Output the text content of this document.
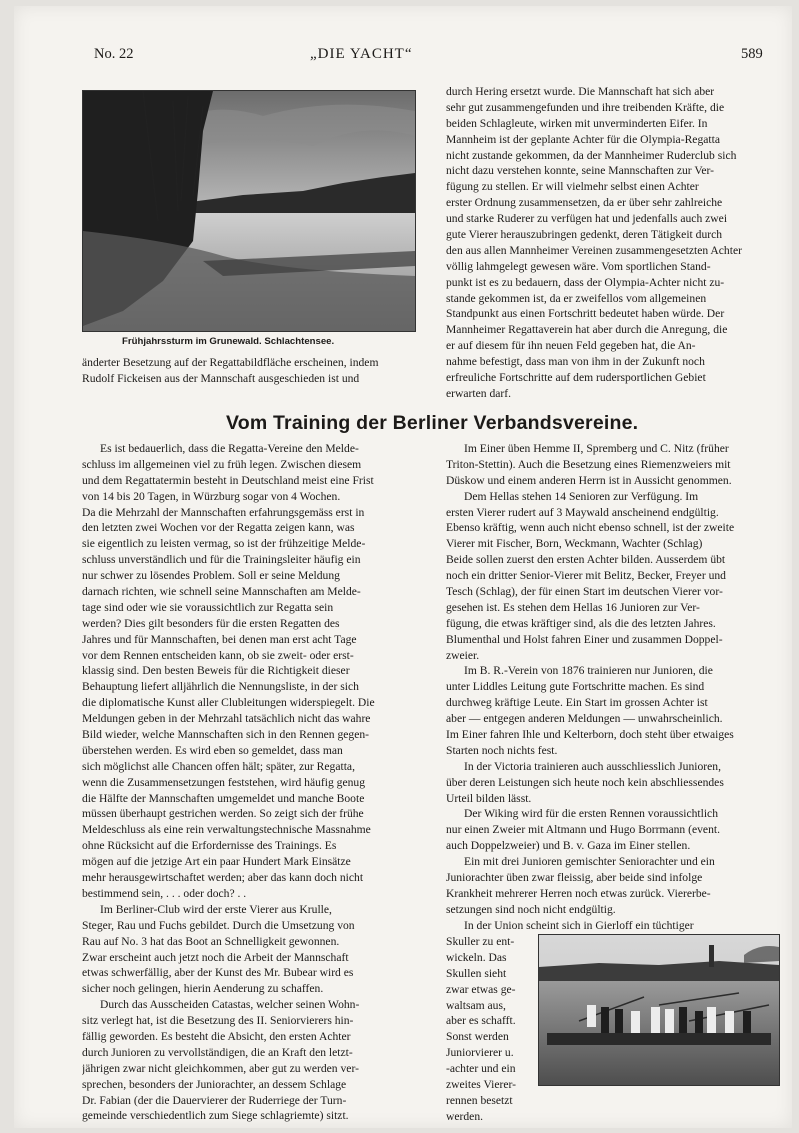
No. 22	„DIE YACHT“	589
Frühjahrssturm im Grunewald. Schlachtensee.
änderter Besetzung auf der Regattabildfläche erscheinen, indem
Rudolf Fickeisen aus der Mannschaft ausgeschieden ist und
durch Hering ersetzt wurde. Die Mannschaft hat sich aber
sehr gut zusammengefunden und ihre treibenden Kräfte, die
beiden Schlagleute, wirken mit unverminderten Eifer. In
Mannheim ist der geplante Achter für die Olympia-Regatta
nicht zustande gekommen, da der Mannheimer Ruderclub sich
nicht dazu verstehen konnte, seine Mannschaften zur Ver-
fügung zu stellen. Er will vielmehr selbst einen Achter
erster Ordnung zusammensetzen, da er über sehr zahlreiche
und starke Ruderer zu verfügen hat und jedenfalls auch zwei
gute Vierer herauszubringen gedenkt, deren Tätigkeit durch
den aus allen Mannheimer Vereinen zusammengesetzten Achter
völlig lahmgelegt gewesen wäre. Vom sportlichen Stand-
punkt ist es zu bedauern, dass der Olympia-Achter nicht zu-
stande gekommen ist, da er zweifellos vom allgemeinen
Standpunkt aus einen Fortschritt bedeutet haben würde. Der
Mannheimer Regattaverein hat aber durch die Anregung, die
er auf diesem für ihn neuen Feld gegeben hat, die An-
nahme befestigt, dass man von ihm in der Zukunft noch
erfreuliche Fortschritte auf dem rudersportlichen Gebiet
erwarten darf.
Vom Training der Berliner Verbandsvereine.
Es ist bedauerlich, dass die Regatta-Vereine den Melde-
schluss im allgemeinen viel zu früh legen. Zwischen diesem
und dem Regattatermin besteht in Deutschland meist eine Frist
von 14 bis 20 Tagen, in Würzburg sogar von 4 Wochen.
Da die Mehrzahl der Mannschaften erfahrungsgemäss erst in
den letzten zwei Wochen vor der Regatta zeigen kann, was
sie eigentlich zu leisten vermag, so ist der frühzeitige Melde-
schluss unverständlich und für die Trainingsleiter häufig ein
nur schwer zu lösendes Problem. Soll er seine Meldung
darnach richten, wie schnell seine Mannschaften am Melde-
tage sind oder wie sie voraussichtlich zur Regatta sein
werden? Dies gilt besonders für die ersten Regatten des
Jahres und für Mannschaften, bei denen man erst acht Tage
vor dem Rennen entscheiden kann, ob sie zweit- oder erst-
klassig sind. Den besten Beweis für die Richtigkeit dieser
Behauptung liefert alljährlich die Nennungsliste, in der sich
die diplomatische Kunst aller Clubleitungen widerspiegelt. Die
Meldungen geben in der Mehrzahl tatsächlich nicht das wahre
Bild wieder, welche Mannschaften sich in den Rennen gegen-
überstehen werden. Es wird eben so gemeldet, dass man
sich möglichst alle Chancen offen hält; später, zur Regatta,
wenn die Zusammensetzungen feststehen, wird häufig genug
die Hälfte der Mannschaften umgemeldet und manche Boote
müssen überhaupt gestrichen werden. So zeigt sich der frühe
Meldeschluss als eine rein verwaltungstechnische Massnahme
ohne Rücksicht auf die Erfordernisse des Trainings. Es
mögen auf die jetzige Art ein paar Hundert Mark Einsätze
mehr herausgewirtschaftet werden; aber das kann doch nicht
bestimmend sein, . . . oder doch? . .
Im Berliner-Club wird der erste Vierer aus Krulle,
Steger, Rau und Fuchs gebildet. Durch die Umsetzung von
Rau auf No. 3 hat das Boot an Schnelligkeit gewonnen.
Zwar erscheint auch jetzt noch die Arbeit der Mannschaft
etwas schwerfällig, aber der Kunst des Mr. Bubear wird es
sicher noch gelingen, hierin Aenderung zu schaffen.
Durch das Ausscheiden Catastas, welcher seinen Wohn-
sitz verlegt hat, ist die Besetzung des II. Seniorvierers hin-
fällig geworden. Es besteht die Absicht, den ersten Achter
durch Junioren zu vervollständigen, die an Kraft den letzt-
jährigen zwar nicht gleichkommen, aber gut zu werden ver-
sprechen, besonders der Juniorachter, an dessem Schlage
Dr. Fabian (der die Dauervierer der Ruderriege der Turn-
gemeinde verschiedentlich zum Siege schlagriemte) sitzt.
Im Einer üben Hemme II, Spremberg und C. Nitz (früher
Triton-Stettin). Auch die Besetzung eines Riemenzweiers mit
Düskow und einem anderen Herrn ist in Aussicht genommen.
Dem Hellas stehen 14 Senioren zur Verfügung. Im
ersten Vierer rudert auf 3 Maywald anscheinend endgültig.
Ebenso kräftig, wenn auch nicht ebenso schnell, ist der zweite
Vierer mit Fischer, Born, Weckmann, Wachter (Schlag)
Beide sollen zuerst den ersten Achter bilden. Ausserdem übt
noch ein dritter Senior-Vierer mit Belitz, Becker, Freyer und
Tesch (Schlag), der für einen Start im deutschen Vierer vor-
gesehen ist. Es stehen dem Hellas 16 Junioren zur Ver-
fügung, die etwas kräftiger sind, als die des letzten Jahres.
Blumenthal und Holst fahren Einer und zusammen Doppel-
zweier.
Im B. R.-Verein von 1876 trainieren nur Junioren, die
unter Liddles Leitung gute Fortschritte machen. Es sind
durchweg kräftige Leute. Ein Start im grossen Achter ist
aber — entgegen anderen Meldungen — unwahrscheinlich.
Im Einer fahren Ihle und Kelterborn, doch steht über etwaiges
Starten noch nichts fest.
In der Victoria trainieren auch ausschliesslich Junioren,
über deren Leistungen sich heute noch kein abschliessendes
Urteil bilden lässt.
Der Wiking wird für die ersten Rennen voraussichtlich
nur einen Zweier mit Altmann und Hugo Borrmann (event.
auch Doppelzweier) und B. v. Gaza im Einer stellen.
Ein mit drei Junioren gemischter Seniorachter und ein
Juniorachter üben zwar fleissig, aber beide sind infolge
Krankheit mehrerer Herren noch etwas zurück. Viererbe-
setzungen sind noch nicht endgültig.
In der Union scheint sich in Gierloff ein tüchtiger
Skuller zu ent-
wickeln. Das
Skullen sieht
zwar etwas ge-
waltsam aus,
aber es schafft.
Sonst werden
Juniorvierer u.
-achter und ein
zweites Vierer-
rennen besetzt
werden.
